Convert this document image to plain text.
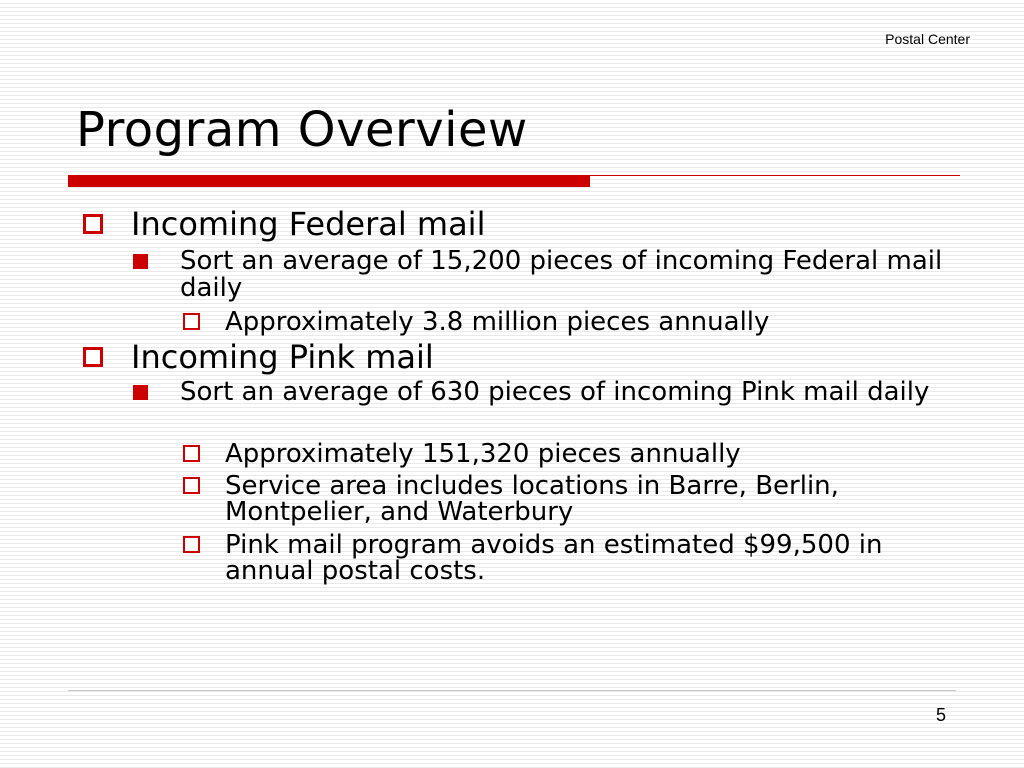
Postal Center
Program Overview
Incoming Federal mail
Sort an average of 15,200 pieces of incoming Federal mail daily
Approximately 3.8 million pieces annually
Incoming Pink mail
Sort an average of 630 pieces of incoming Pink mail daily
Approximately 151,320 pieces annually
Service area includes locations in Barre, Berlin, Montpelier, and Waterbury
Pink mail program avoids an estimated $99,500 in annual postal costs.
5
